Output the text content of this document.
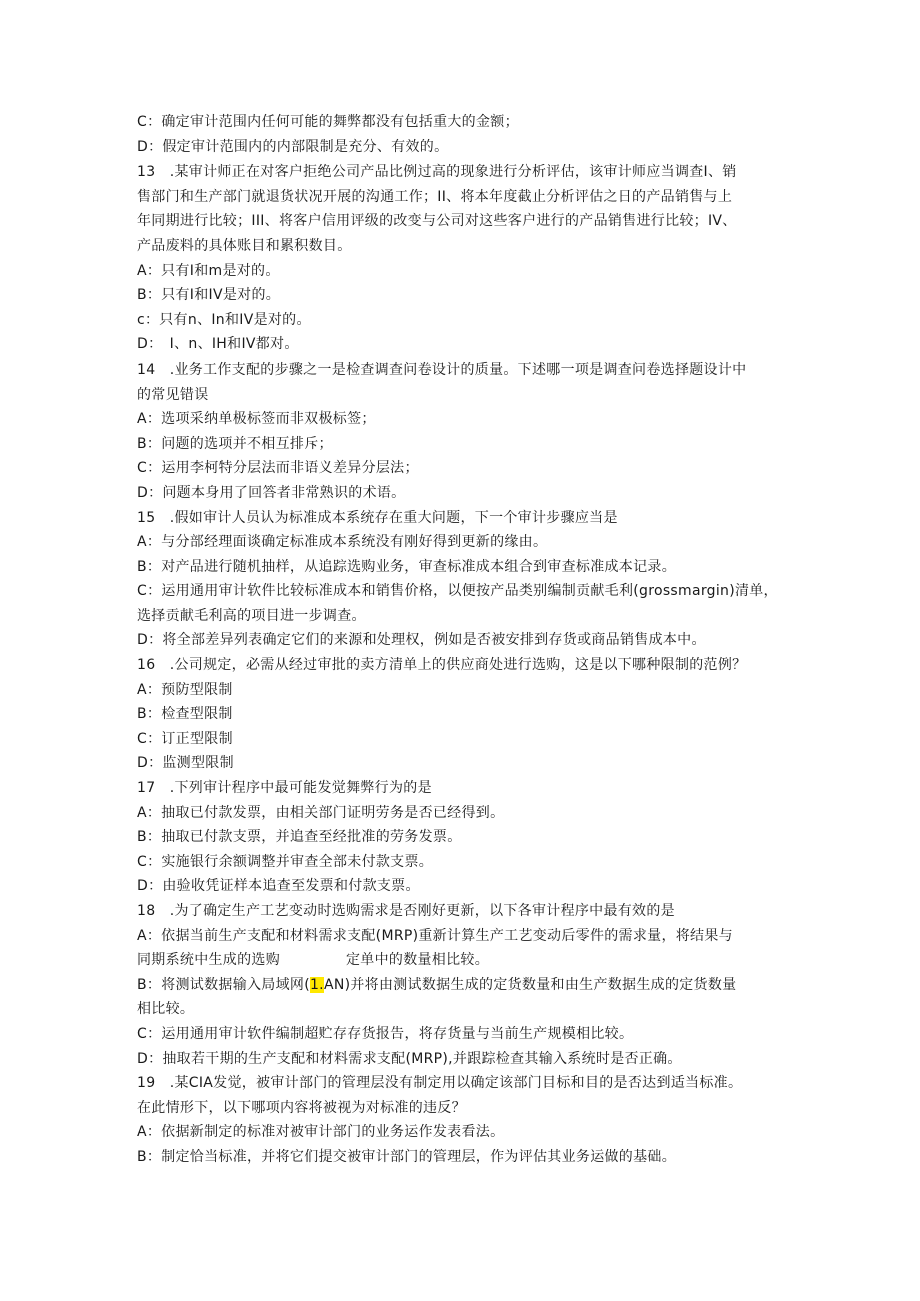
C：确定审计范围内任何可能的舞弊都没有包括重大的金额；
D：假定审计范围内的内部限制是充分、有效的。
13　.某审计师正在对客户拒绝公司产品比例过高的现象进行分析评估，该审计师应当调查I、销
售部门和生产部门就退货状况开展的沟通工作；II、将本年度截止分析评估之日的产品销售与上
年同期进行比较；III、将客户信用评级的改变与公司对这些客户进行的产品销售进行比较；IV、
产品废料的具体账目和累积数目。
A：只有I和m是对的。
B：只有I和IV是对的。
c：只有n、In和IV是对的。
D：　I、n、IH和IV都对。
14　.业务工作支配的步骤之一是检查调查问卷设计的质量。下述哪一项是调查问卷选择题设计中
的常见错误
A：选项采纳单极标签而非双极标签；
B：问题的选项并不相互排斥；
C：运用李柯特分层法而非语义差异分层法；
D：问题本身用了回答者非常熟识的术语。
15　.假如审计人员认为标准成本系统存在重大问题，下一个审计步骤应当是
A：与分部经理面谈确定标准成本系统没有刚好得到更新的缘由。
B：对产品进行随机抽样，从追踪选购业务，审查标准成本组合到审查标准成本记录。
C：运用通用审计软件比较标准成本和销售价格，以便按产品类别编制贡献毛利(grossmargin)清单，
选择贡献毛利高的项目进一步调查。
D：将全部差异列表确定它们的来源和处理权，例如是否被安排到存货或商品销售成本中。
16　.公司规定，必需从经过审批的卖方清单上的供应商处进行选购，这是以下哪种限制的范例？
A：预防型限制
B：检查型限制
C：订正型限制
D：监测型限制
17　.下列审计程序中最可能发觉舞弊行为的是
A：抽取已付款发票，由相关部门证明劳务是否已经得到。
B：抽取已付款支票，并追查至经批准的劳务发票。
C：实施银行余额调整并审查全部未付款支票。
D：由验收凭证样本追查至发票和付款支票。
18　.为了确定生产工艺变动时选购需求是否刚好更新，以下各审计程序中最有效的是
A：依据当前生产支配和材料需求支配(MRP)重新计算生产工艺变动后零件的需求量，将结果与
同期系统中生成的选购	定单中的数量相比较。
B：将测试数据输入局域网(1.AN)并将由测试数据生成的定货数量和由生产数据生成的定货数量
相比较。
C：运用通用审计软件编制超贮存存货报告，将存货量与当前生产规模相比较。
D：抽取若干期的生产支配和材料需求支配(MRP),并跟踪检查其输入系统时是否正确。
19　.某CIA发觉，被审计部门的管理层没有制定用以确定该部门目标和目的是否达到适当标准。
在此情形下，以下哪项内容将被视为对标准的违反？
A：依据新制定的标准对被审计部门的业务运作发表看法。
B：制定恰当标准，并将它们提交被审计部门的管理层，作为评估其业务运做的基础。
